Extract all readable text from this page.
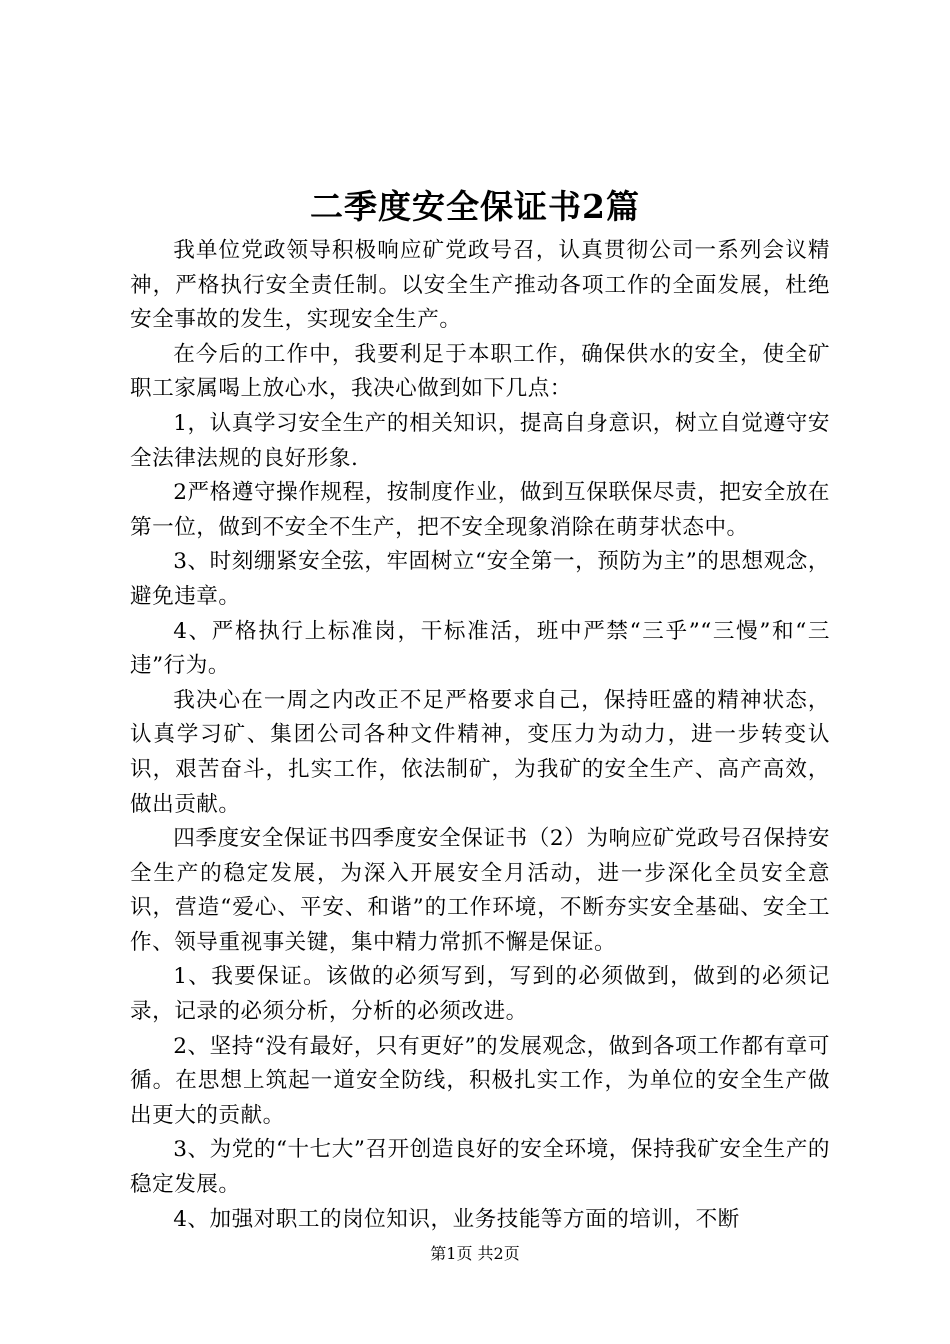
二季度安全保证书2篇

我单位党政领导积极响应矿党政号召，认真贯彻公司一系列会议精神，严格执行安全责任制。以安全生产推动各项工作的全面发展，杜绝安全事故的发生，实现安全生产。

在今后的工作中，我要利足于本职工作，确保供水的安全，使全矿职工家属喝上放心水，我决心做到如下几点：

1，认真学习安全生产的相关知识，提高自身意识，树立自觉遵守安全法律法规的良好形象.

2严格遵守操作规程，按制度作业，做到互保联保尽责，把安全放在第一位，做到不安全不生产，把不安全现象消除在萌芽状态中。

3、时刻绷紧安全弦，牢固树立“安全第一，预防为主”的思想观念，避免违章。

4、严格执行上标准岗，干标准活，班中严禁“三乎”“三慢”和“三违”行为。

我决心在一周之内改正不足严格要求自己，保持旺盛的精神状态，认真学习矿、集团公司各种文件精神，变压力为动力，进一步转变认识，艰苦奋斗，扎实工作，依法制矿，为我矿的安全生产、高产高效，做出贡献。

四季度安全保证书四季度安全保证书（2）为响应矿党政号召保持安全生产的稳定发展，为深入开展安全月活动，进一步深化全员安全意识，营造“爱心、平安、和谐”的工作环境，不断夯实安全基础、安全工作、领导重视事关键，集中精力常抓不懈是保证。

1、我要保证。该做的必须写到，写到的必须做到，做到的必须记录，记录的必须分析，分析的必须改进。

2、坚持“没有最好，只有更好”的发展观念，做到各项工作都有章可循。在思想上筑起一道安全防线，积极扎实工作，为单位的安全生产做出更大的贡献。

3、为党的“十七大”召开创造良好的安全环境，保持我矿安全生产的稳定发展。

4、加强对职工的岗位知识，业务技能等方面的培训，不断

第1页 共2页
